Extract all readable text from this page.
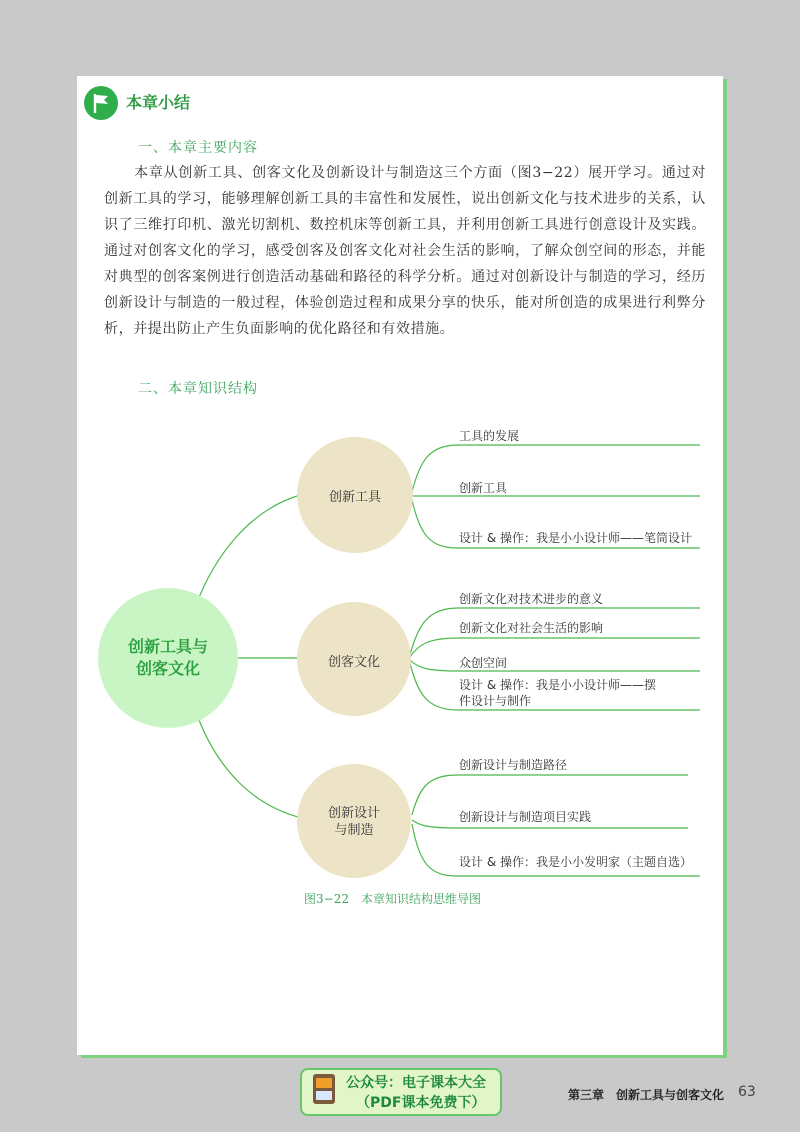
本章小结
一、本章主要内容

本章从创新工具、创客文化及创新设计与制造这三个方面（图3−22）展开学习。通过对创新工具的学习，能够理解创新工具的丰富性和发展性，说出创新文化与技术进步的关系，认识了三维打印机、激光切割机、数控机床等创新工具，并利用创新工具进行创意设计及实践。通过对创客文化的学习，感受创客及创客文化对社会生活的影响，了解众创空间的形态，并能对典型的创客案例进行创造活动基础和路径的科学分析。通过对创新设计与制造的学习，经历创新设计与制造的一般过程，体验创造过程和成果分享的快乐，能对所创造的成果进行利弊分析，并提出防止产生负面影响的优化路径和有效措施。

二、本章知识结构
创新工具与
创客文化
创新工具
创客文化
创新设计
与制造
工具的发展
创新工具
设计 & 操作：我是小小设计师——笔筒设计
创新文化对技术进步的意义
创新文化对社会生活的影响
众创空间
设计 & 操作：我是小小设计师——摆
件设计与制作
创新设计与制造路径
创新设计与制造项目实践
设计 & 操作：我是小小发明家（主题自选）
图3−22　本章知识结构思维导图
公众号：电子课本大全
（PDF课本免费下）	第三章　创新工具与创客文化 63
